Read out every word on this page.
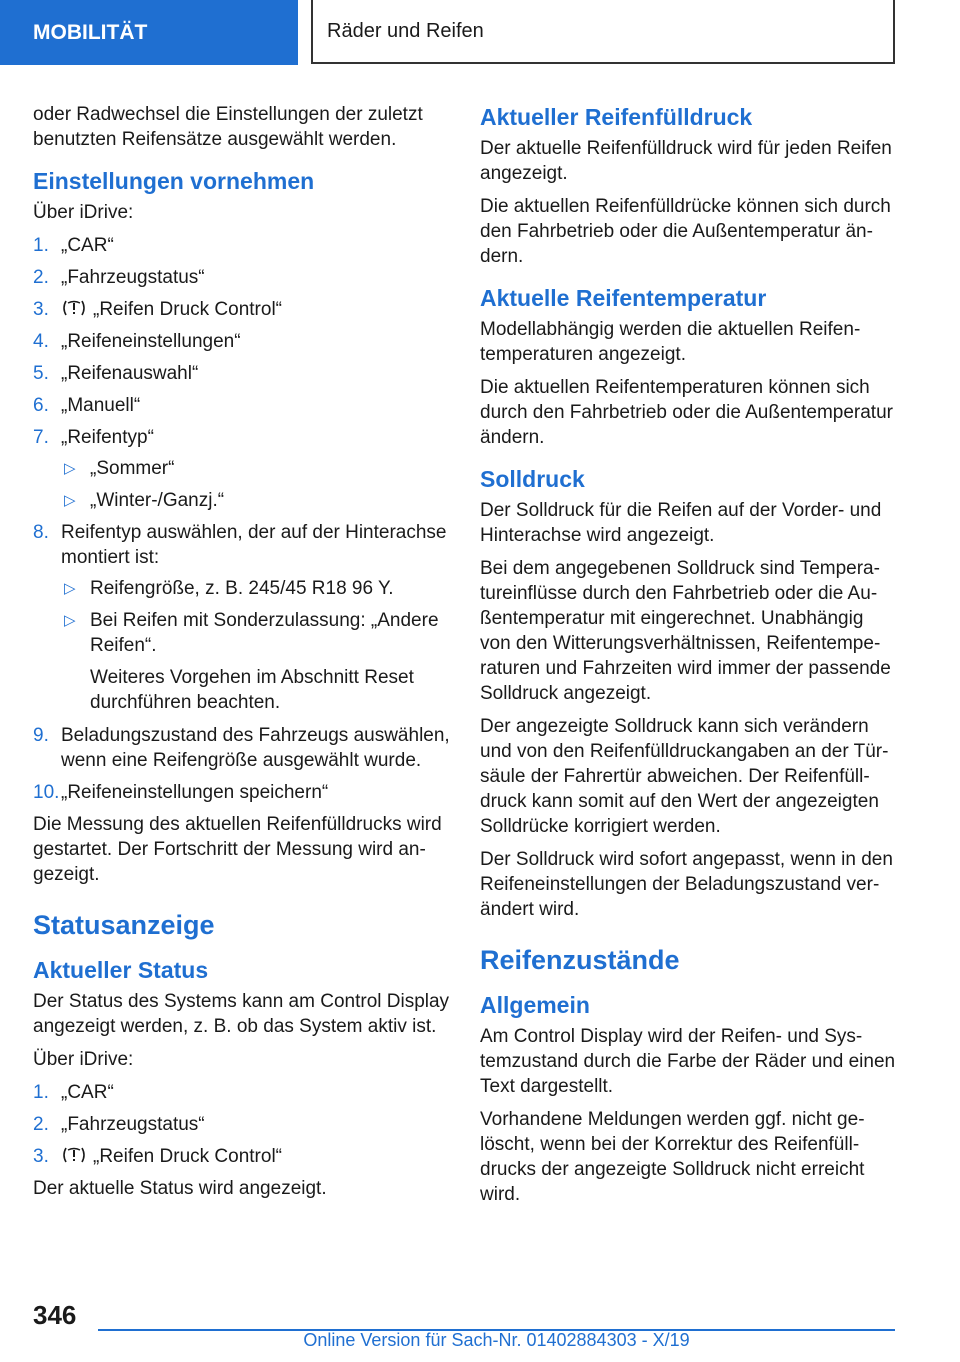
MOBILITÄT	Räder und Reifen

oder Radwechsel die Einstellungen der zuletzt benutzten Reifensätze ausgewählt werden.

Einstellungen vornehmen

Über iDrive:

1. „CAR“
2. „Fahrzeugstatus“
3. „Reifen Druck Control“
4. „Reifeneinstellungen“
5. „Reifenauswahl“
6. „Manuell“
7. „Reifentyp“
▷ „Sommer“
▷ „Winter-/Ganzj.“
8. Reifentyp auswählen, der auf der Hinterachse montiert ist:
▷ Reifengröße, z. B. 245/45 R18 96 Y.
▷ Bei Reifen mit Sonderzulassung: „Andere Reifen“.

Weiteres Vorgehen im Abschnitt Reset durchführen beachten.

9. Beladungszustand des Fahrzeugs auswählen, wenn eine Reifengröße ausgewählt wurde.
10. „Reifeneinstellungen speichern“

Die Messung des aktuellen Reifenfülldrucks wird gestartet. Der Fortschritt der Messung wird angezeigt.

Statusanzeige
Aktueller Status

Der Status des Systems kann am Control Display angezeigt werden, z. B. ob das System aktiv ist.

Über iDrive:

1. „CAR“
2. „Fahrzeugstatus“
3. „Reifen Druck Control“

Der aktuelle Status wird angezeigt.

Aktueller Reifenfülldruck

Der aktuelle Reifenfülldruck wird für jeden Reifen angezeigt.

Die aktuellen Reifenfülldrücke können sich durch den Fahrbetrieb oder die Außentemperatur ändern.

Aktuelle Reifentemperatur

Modellabhängig werden die aktuellen Reifentemperaturen angezeigt.

Die aktuellen Reifentemperaturen können sich durch den Fahrbetrieb oder die Außentemperatur ändern.

Solldruck

Der Solldruck für die Reifen auf der Vorder- und Hinterachse wird angezeigt.

Bei dem angegebenen Solldruck sind Temperatureinflüsse durch den Fahrbetrieb oder die Außentemperatur mit eingerechnet. Unabhängig von den Witterungsverhältnissen, Reifentemperaturen und Fahrzeiten wird immer der passende Solldruck angezeigt.

Der angezeigte Solldruck kann sich verändern und von den Reifenfülldruckangaben an der Türsäule der Fahrertür abweichen. Der Reifenfülldruck kann somit auf den Wert der angezeigten Solldrücke korrigiert werden.

Der Solldruck wird sofort angepasst, wenn in den Reifeneinstellungen der Beladungszustand verändert wird.

Reifenzustände
Allgemein

Am Control Display wird der Reifen- und Systemzustand durch die Farbe der Räder und einen Text dargestellt.

Vorhandene Meldungen werden ggf. nicht gelöscht, wenn bei der Korrektur des Reifenfülldrucks der angezeigte Solldruck nicht erreicht wird.

346
Online Version für Sach-Nr. 01402884303 - X/19
